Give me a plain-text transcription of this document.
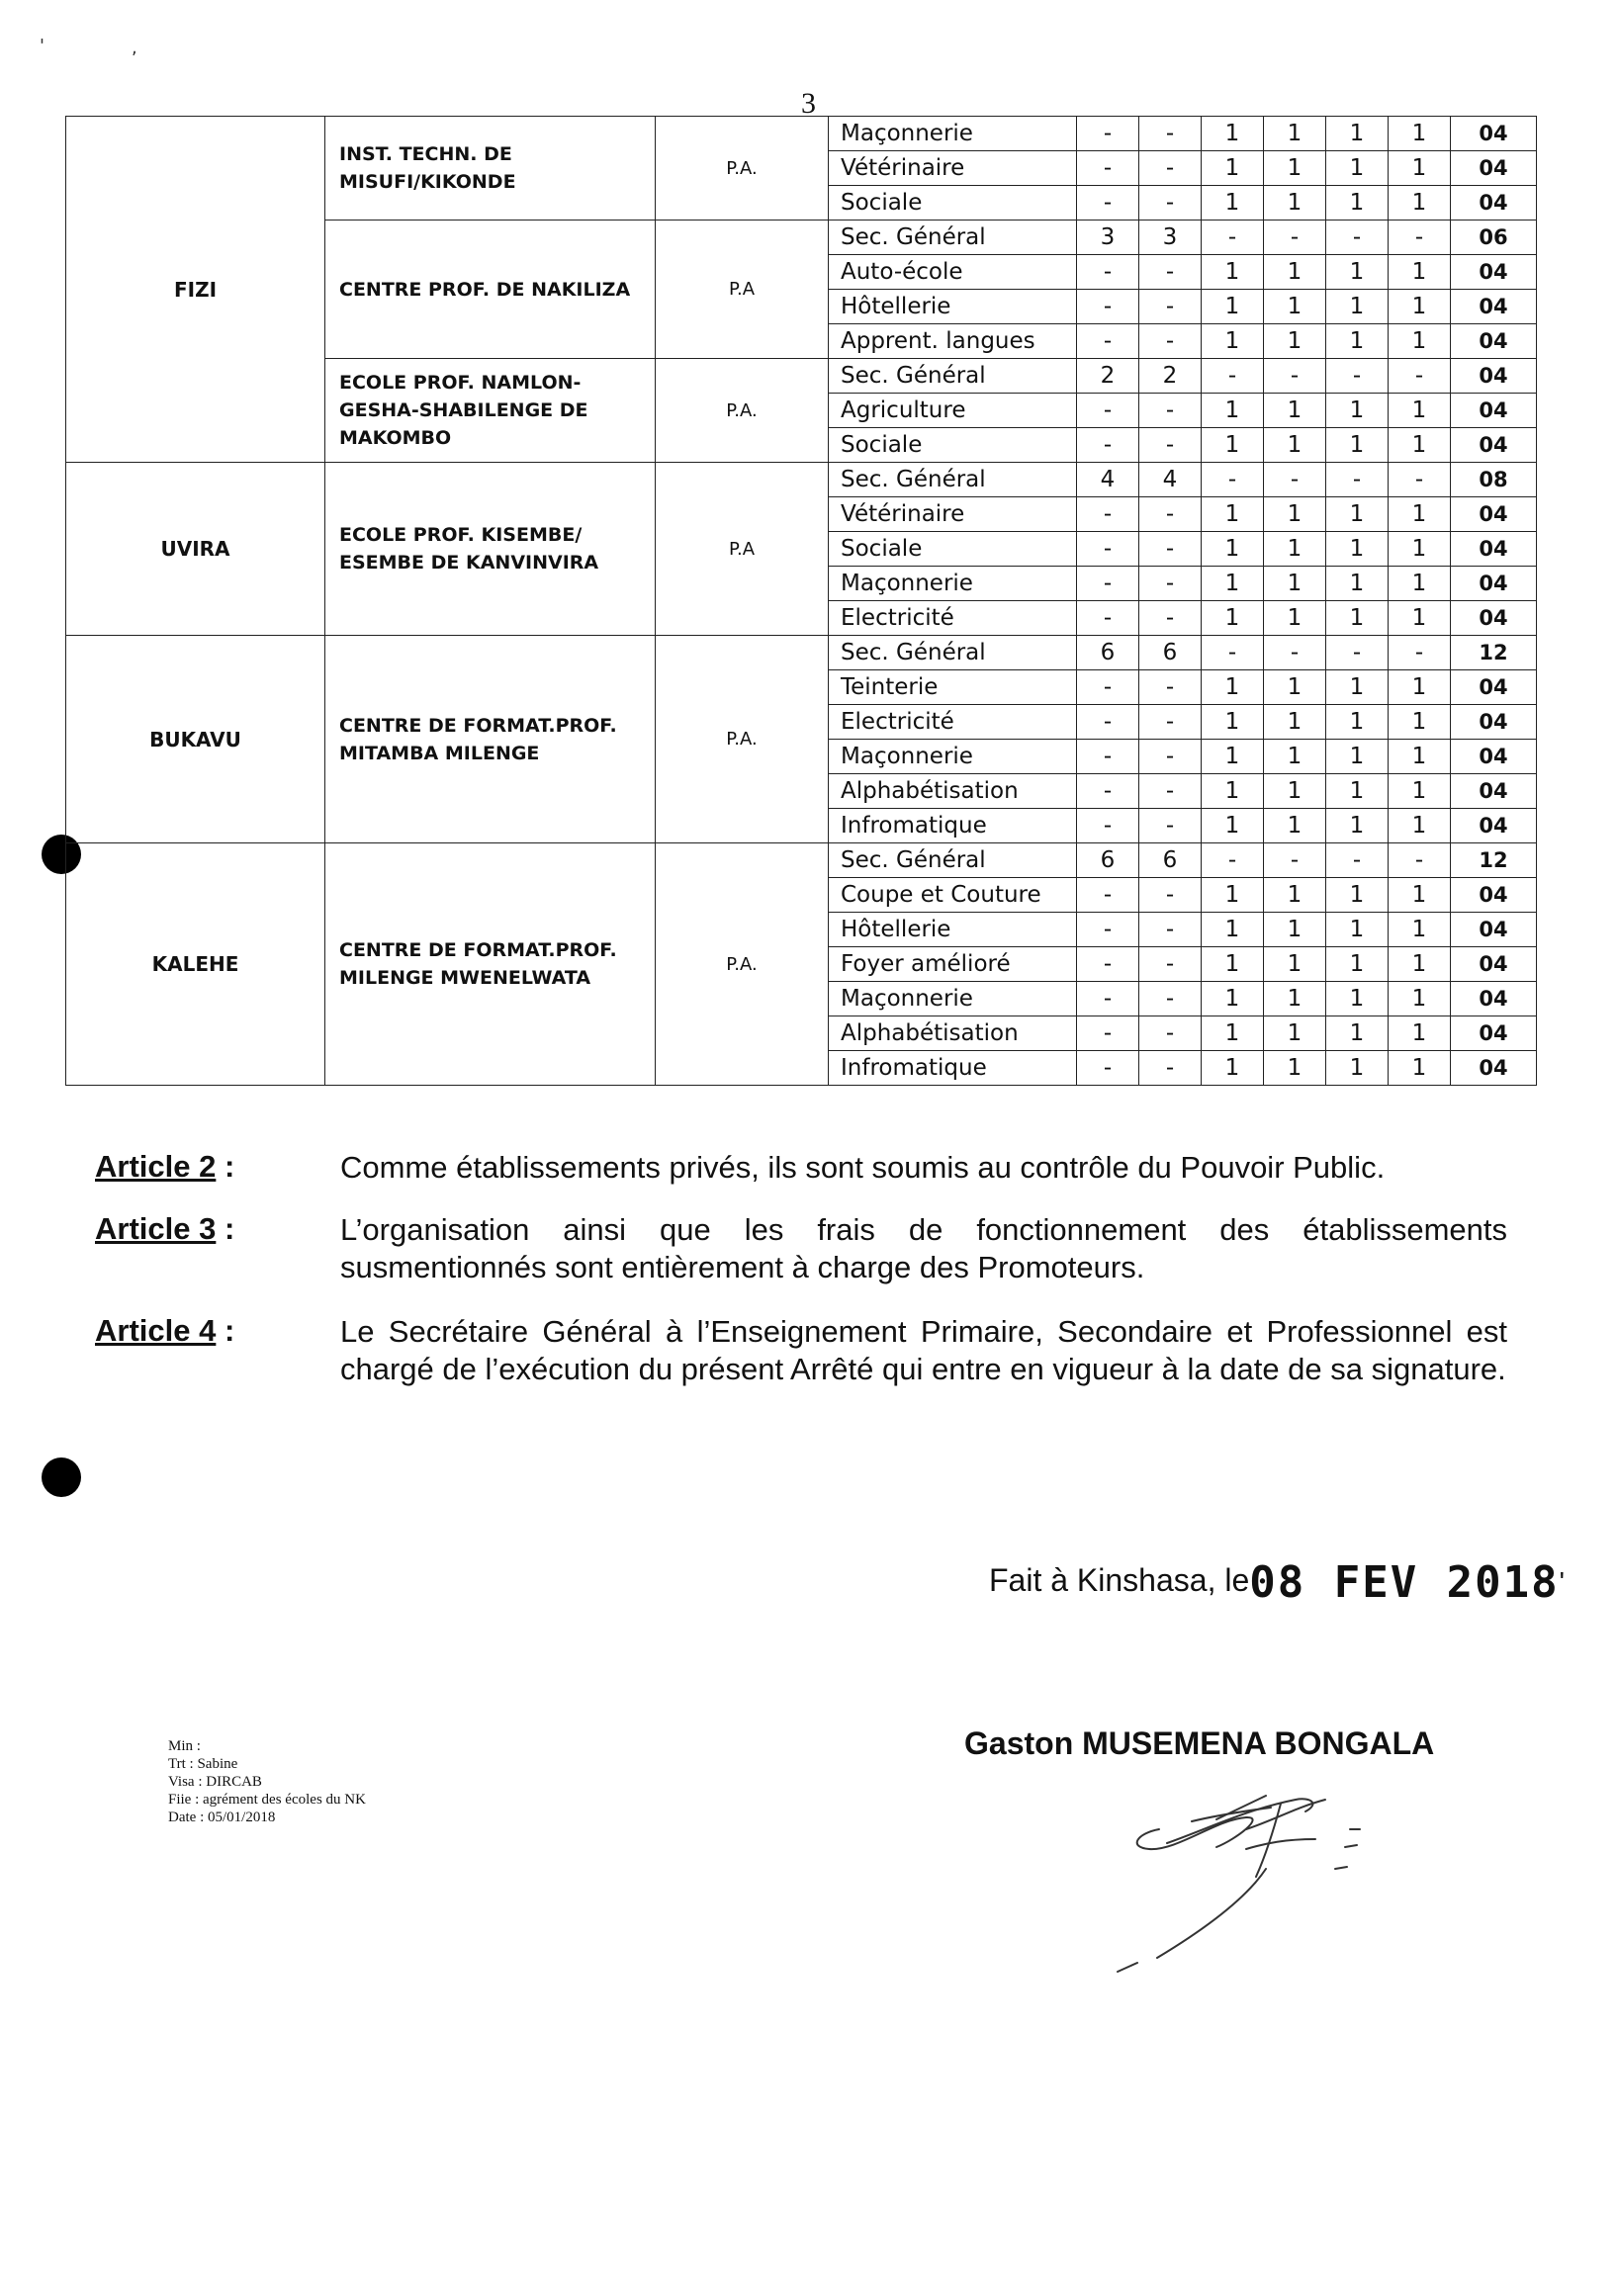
3
'	,
FIZI	INST. TECHN. DE MISUFI/KIKONDE	P.A.	Maçonnerie	-	-	1	1	1	1	04
			Vétérinaire	-	-	1	1	1	1	04
			Sociale	-	-	1	1	1	1	04
	CENTRE PROF. DE NAKILIZA	P.A	Sec. Général	3	3	-	-	-	-	06
			Auto-école	-	-	1	1	1	1	04
			Hôtellerie	-	-	1	1	1	1	04
			Apprent. langues	-	-	1	1	1	1	04
	ECOLE PROF. NAMLON-GESHA-SHABILENGE DE MAKOMBO	P.A.	Sec. Général	2	2	-	-	-	-	04
			Agriculture	-	-	1	1	1	1	04
			Sociale	-	-	1	1	1	1	04
UVIRA	ECOLE PROF. KISEMBE/ ESEMBE DE KANVINVIRA	P.A	Sec. Général	4	4	-	-	-	-	08
			Vétérinaire	-	-	1	1	1	1	04
			Sociale	-	-	1	1	1	1	04
			Maçonnerie	-	-	1	1	1	1	04
			Electricité	-	-	1	1	1	1	04
BUKAVU	CENTRE DE FORMAT.PROF. MITAMBA MILENGE	P.A.	Sec. Général	6	6	-	-	-	-	12
			Teinterie	-	-	1	1	1	1	04
			Electricité	-	-	1	1	1	1	04
			Maçonnerie	-	-	1	1	1	1	04
			Alphabétisation	-	-	1	1	1	1	04
			Infromatique	-	-	1	1	1	1	04
KALEHE	CENTRE DE FORMAT.PROF. MILENGE MWENELWATA	P.A.	Sec. Général	6	6	-	-	-	-	12
			Coupe et Couture	-	-	1	1	1	1	04
			Hôtellerie	-	-	1	1	1	1	04
			Foyer amélioré	-	-	1	1	1	1	04
			Maçonnerie	-	-	1	1	1	1	04
			Alphabétisation	-	-	1	1	1	1	04
			Infromatique	-	-	1	1	1	1	04
Article 2 :	Comme établissements privés, ils sont soumis au contrôle du Pouvoir Public.
Article 3 :	L’organisation ainsi que les frais de fonctionnement des établissements susmentionnés sont entièrement à charge des Promoteurs.
Article 4 :	Le Secrétaire Général à l’Enseignement Primaire, Secondaire et Professionnel est chargé de l’exécution du présent Arrêté qui entre en vigueur à la date de sa signature.
Fait à Kinshasa, le08 FEV 2018'
Gaston MUSEMENA BONGALA
Min :
Trt : Sabine
Visa : DIRCAB
Fiie : agrément des écoles du NK
Date : 05/01/2018
